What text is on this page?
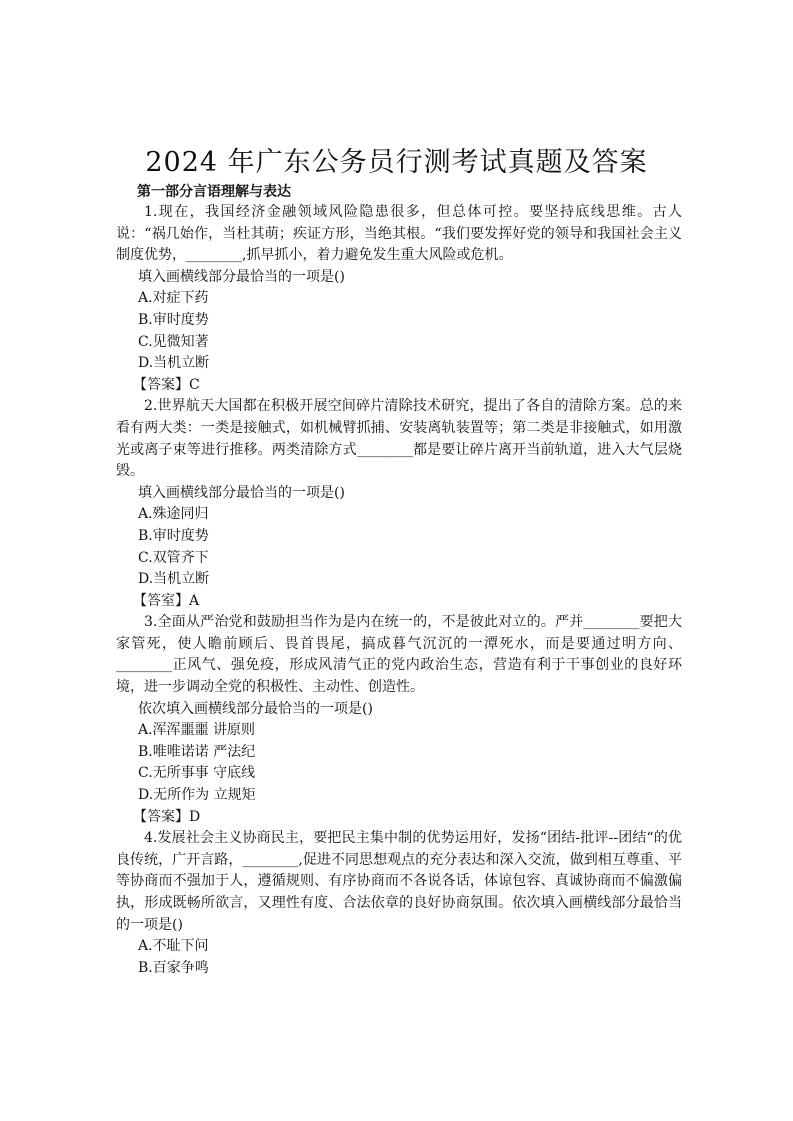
2024 年广东公务员行测考试真题及答案
第一部分言语理解与表达
1.现在，我国经济金融领域风险隐患很多，但总体可控。要坚持底线思维。古人说：“祸几始作，当杜其萌；疾证方形，当绝其根。“我们要发挥好党的领导和我国社会主义制度优势，________,抓早抓小，着力避免发生重大风险或危机。
填入画横线部分最恰当的一项是()
A.对症下药
B.审时度势
C.见微知著
D.当机立断
【答案】C
2.世界航天大国都在积极开展空间碎片清除技术研究，提出了各自的清除方案。总的来看有两大类：一类是接触式，如机械臂抓捕、安装离轨装置等；第二类是非接触式，如用激光或离子束等进行推移。两类清除方式________都是要让碎片离开当前轨道，进入大气层烧毁。
填入画横线部分最恰当的一项是()
A.殊途同归
B.审时度势
C.双管齐下
D.当机立断
【答室】A
3.全面从严治党和鼓励担当作为是内在统一的，不是彼此对立的。严并________要把大家管死，使人瞻前顾后、畏首畏尾，搞成暮气沉沉的一潭死水，而是要通过明方向、________正风气、强免疫，形成风清气正的党内政治生态，营造有利于干事创业的良好环境，进一步调动全党的积极性、主动性、创造性。
依次填入画横线部分最恰当的一项是()
A.浑浑噩噩 讲原则
B.唯唯诺诺 严法纪
C.无所事事 守底线
D.无所作为 立规矩
【答案】D
4.发展社会主义协商民主，要把民主集中制的优势运用好，发扬“团结-批评--团结“的优良传统，广开言路，________,促进不同思想观点的充分表达和深入交流，做到相互尊重、平等协商而不强加于人，遵循规则、有序协商而不各说各话，体谅包容、真诚协商而不偏激偏执，形成既畅所欲言，又理性有度、合法依章的良好协商氛围。依次填入画横线部分最恰当的一项是()
A.不耻下问
B.百家争鸣
